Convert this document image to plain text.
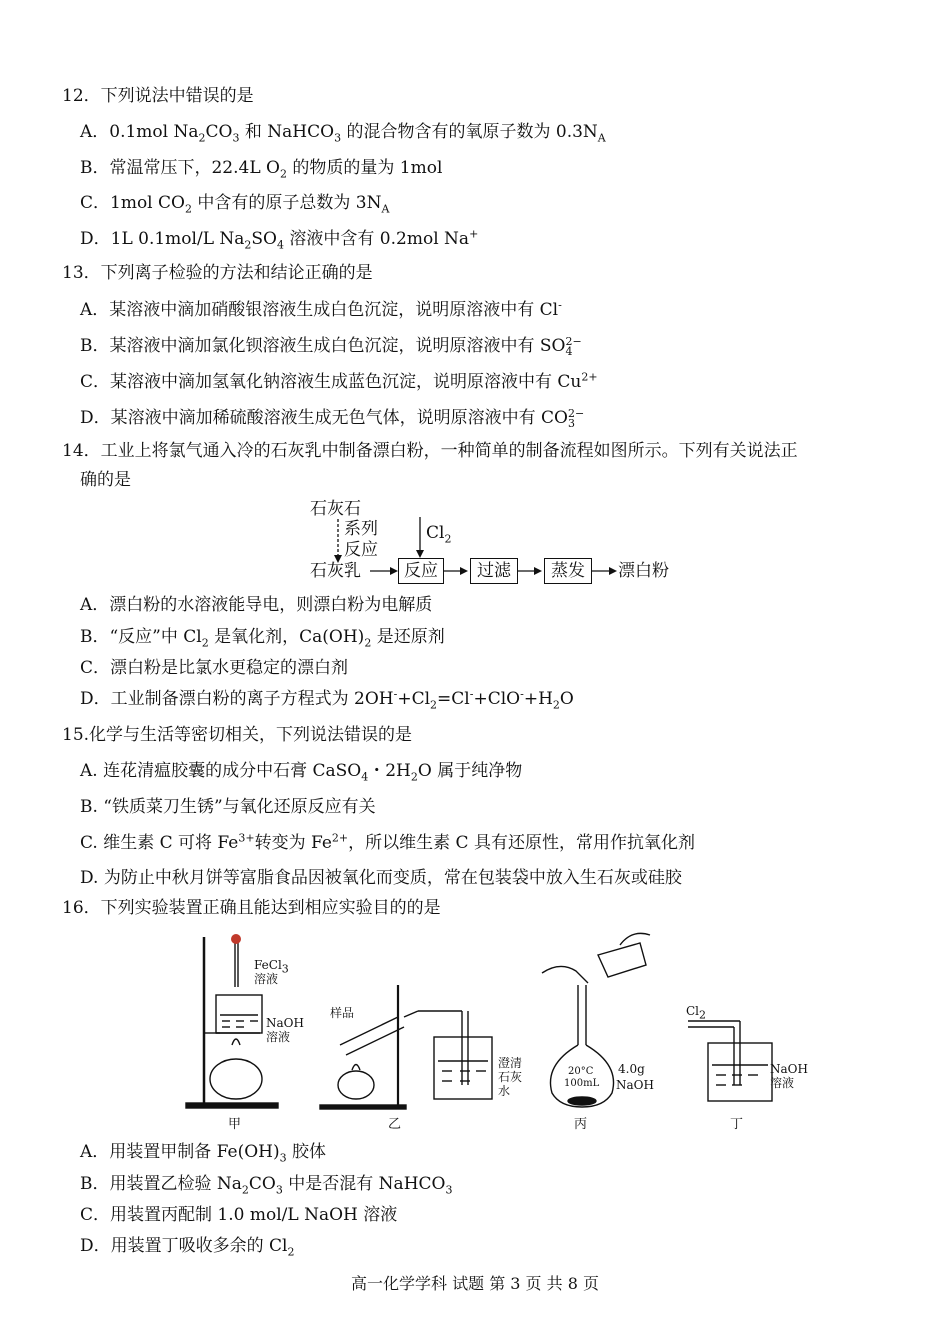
12．下列说法中错误的是
A．0.1mol $Na_2CO_3$ 和 NaHCO$_3$ 的混合物含有的氧原子数为 $0.3N_A$
B．常温常压下，22.4L $O_2$ 的物质的量为 1mol
C．1mol $CO_2$ 中含有的原子总数为 $3N_A$
D．1L 0.1mol/L $Na_2SO_4$ 溶液中含有 0.2mol Na+
13．下列离子检验的方法和结论正确的是
A．某溶液中滴加硝酸银溶液生成白色沉淀，说明原溶液中有 Cl-
B．某溶液中滴加氯化钡溶液生成白色沉淀，说明原溶液中有 SO 2−
4
C．某溶液中滴加氢氧化钠溶液生成蓝色沉淀，说明原溶液中有 $Cu^{2+}$
D．某溶液中滴加稀硫酸溶液生成无色气体，说明原溶液中有 CO 2−
3
14．工业上将氯气通入冷的石灰乳中制备漂白粉，一种简单的制备流程如图所示。下列有关说法正
确的是
石灰石
系列
反应
石灰乳
$Cl_2$
反应	过滤	蒸发	漂白粉
A．漂白粉的水溶液能导电，则漂白粉为电解质
B．“反应”中 $Cl_2$ 是氧化剂，$Ca(OH)_2$ 是还原剂
C．漂白粉是比氯水更稳定的漂白剂
D．工业制备漂白粉的离子方程式为 $2OH^-+Cl_2=Cl^-+ClO^-+H_2O$
15.化学与生活等密切相关，下列说法错误的是
A. 连花清瘟胶囊的成分中石膏 CaSO$_4$・$2H_2O$ 属于纯净物
B. “铁质菜刀生锈”与氧化还原反应有关
C. 维生素 C 可将 $Fe^{3+}$转变为 $Fe^{2+}$，所以维生素 C 具有还原性，常用作抗氧化剂
D. 为防止中秋月饼等富脂食品因被氧化而变质，常在包装袋中放入生石灰或硅胶
16．下列实验装置正确且能达到相应实验目的的是
FeCl$_3$
溶液
NaOH
溶液
甲
样品
澄清
石灰
水
乙
20°C
100mL
4.0g
NaOH
丙
$Cl_2$
NaOH
溶液
丁
A．用装置甲制备 $Fe(OH)_3$ 胶体
B．用装置乙检验 $Na_2CO_3$ 中是否混有 NaHCO$_3$
C．用装置丙配制 1.0 mol/L NaOH 溶液
D．用装置丁吸收多余的 $Cl_2$
高一化学学科 试题 第 3 页 共 8 页
